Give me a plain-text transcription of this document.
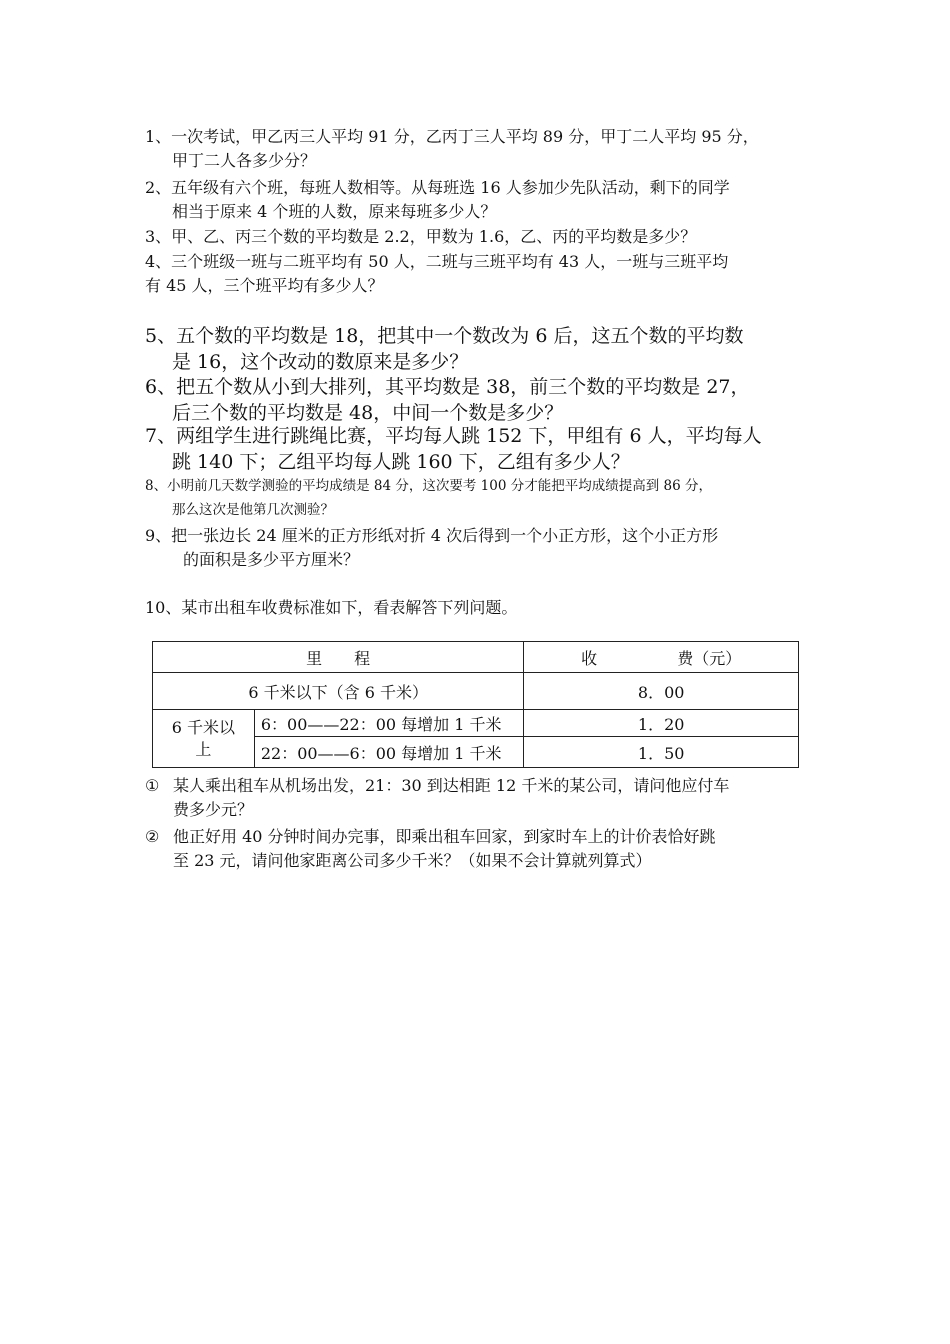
1、一次考试，甲乙丙三人平均 91 分，乙丙丁三人平均 89 分，甲丁二人平均 95 分，
甲丁二人各多少分？
2、五年级有六个班，每班人数相等。从每班选 16 人参加少先队活动，剩下的同学
相当于原来 4 个班的人数，原来每班多少人？
3、甲、乙、丙三个数的平均数是 2.2，甲数为 1.6，乙、丙的平均数是多少？
4、三个班级一班与二班平均有 50 人，二班与三班平均有 43 人，一班与三班平均
有 45 人，三个班平均有多少人？
5、五个数的平均数是 18，把其中一个数改为 6 后，这五个数的平均数
是 16，这个改动的数原来是多少？
6、把五个数从小到大排列，其平均数是 38，前三个数的平均数是 27，
后三个数的平均数是 48，中间一个数是多少？
7、两组学生进行跳绳比赛，平均每人跳 152 下，甲组有 6 人，平均每人
跳 140 下；乙组平均每人跳 160 下，乙组有多少人？
8、小明前几天数学测验的平均成绩是 84 分，这次要考 100 分才能把平均成绩提高到 86 分，
那么这次是他第几次测验？
9、把一张边长 24 厘米的正方形纸对折 4 次后得到一个小正方形，这个小正方形
的面积是多少平方厘米？
10、某市出租车收费标准如下，看表解答下列问题。
里　　程		收 费（元）
6 千米以下（含 6 千米）		8．00

6 千米以
上	6：00——22：00 每增加 1 千米	1．20
	22：00——6：00 每增加 1 千米	1．50
① 某人乘出租车从机场出发，21：30 到达相距 12 千米的某公司，请问他应付车
费多少元？
② 他正好用 40 分钟时间办完事，即乘出租车回家，到家时车上的计价表恰好跳
至 23 元，请问他家距离公司多少千米？（如果不会计算就列算式）
